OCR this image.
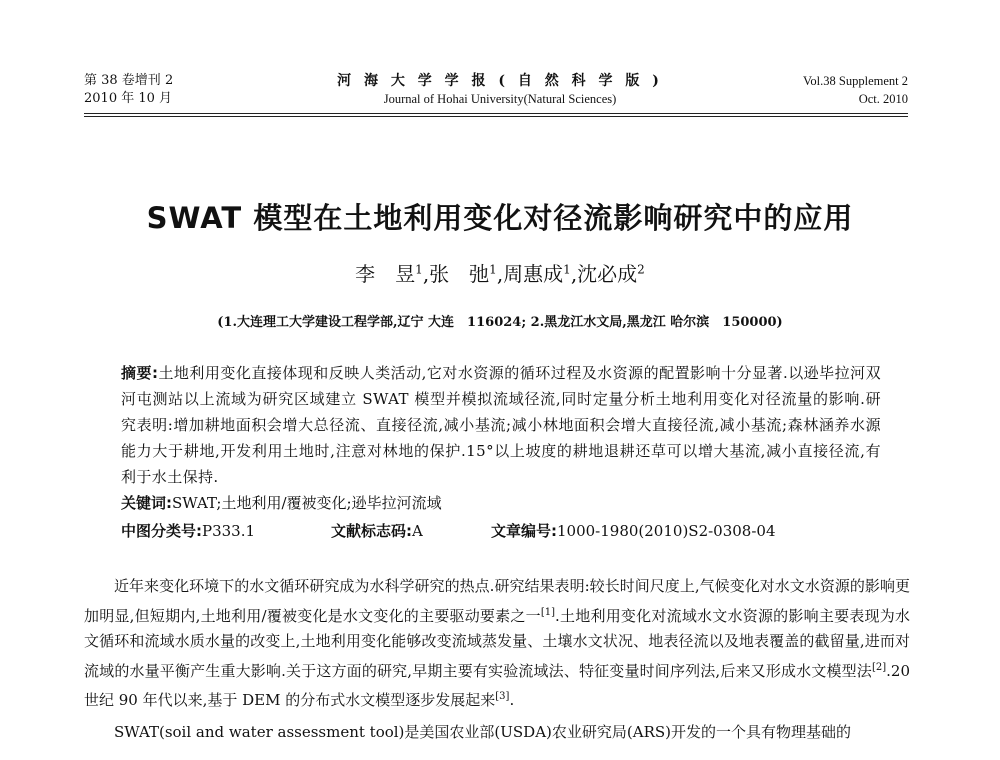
第 38 卷增刊 2
2010 年 10 月
河 海 大 学 学 报 ( 自 然 科 学 版 )
Journal of Hohai University(Natural Sciences)
Vol.38 Supplement 2
Oct. 2010
SWAT 模型在土地利用变化对径流影响研究中的应用
李　昱$^1$,张　弛$^1$,周惠成$^1$,沈必成$^2$
(1.大连理工大学建设工程学部,辽宁 大连　116024; 2.黑龙江水文局,黑龙江 哈尔滨　150000)
摘要:土地利用变化直接体现和反映人类活动,它对水资源的循环过程及水资源的配置影响十分显著.以逊毕拉河双河屯测站以上流域为研究区域建立 SWAT 模型并模拟流域径流,同时定量分析土地利用变化对径流量的影响.研究表明:增加耕地面积会增大总径流、直接径流,减小基流;减小林地面积会增大直接径流,减小基流;森林涵养水源能力大于耕地,开发利用土地时,注意对林地的保护.15°以上坡度的耕地退耕还草可以增大基流,减小直接径流,有利于水土保持.
关键词:SWAT;土地利用/覆被变化;逊毕拉河流域
中图分类号:P333.1	文献标志码:A	文章编号:1000-1980(2010)S2-0308-04

近年来变化环境下的水文循环研究成为水科学研究的热点.研究结果表明:较长时间尺度上,气候变化对水文水资源的影响更加明显,但短期内,土地利用/覆被变化是水文变化的主要驱动要素之一[1].土地利用变化对流域水文水资源的影响主要表现为水文循环和流域水质水量的改变上,土地利用变化能够改变流域蒸发量、土壤水文状况、地表径流以及地表覆盖的截留量,进而对流域的水量平衡产生重大影响.关于这方面的研究,早期主要有实验流域法、特征变量时间序列法,后来又形成水文模型法[2].20 世纪 90 年代以来,基于 DEM 的分布式水文模型逐步发展起来[3].

SWAT(soil and water assessment tool)是美国农业部(USDA)农业研究局(ARS)开发的一个具有物理基础的
